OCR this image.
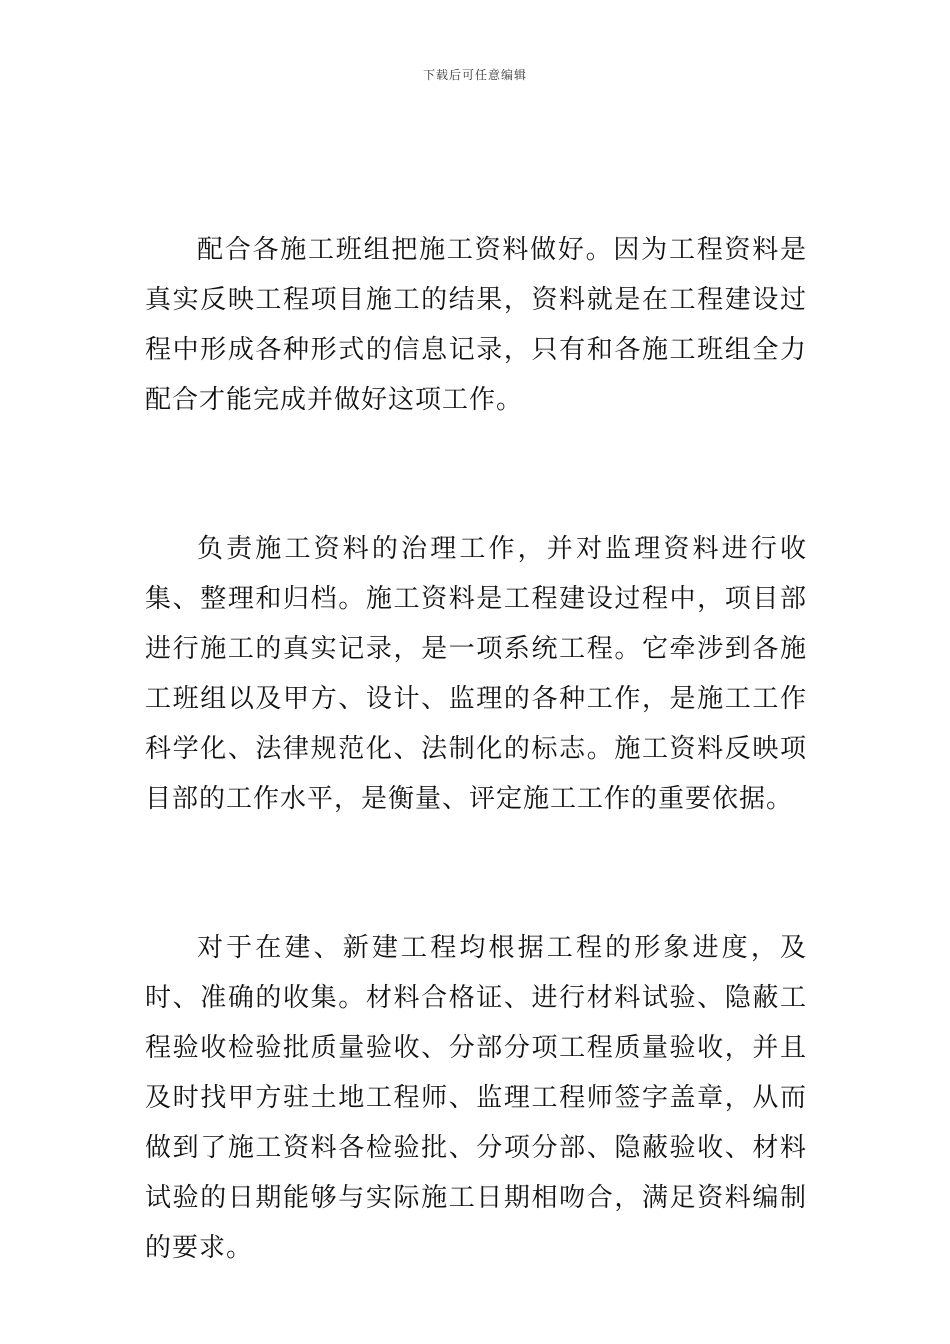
下载后可任意编辑

配合各施工班组把施工资料做好。因为工程资料是真实反映工程项目施工的结果，资料就是在工程建设过程中形成各种形式的信息记录，只有和各施工班组全力配合才能完成并做好这项工作。

负责施工资料的治理工作，并对监理资料进行收集、整理和归档。施工资料是工程建设过程中，项目部进行施工的真实记录，是一项系统工程。它牵涉到各施工班组以及甲方、设计、监理的各种工作，是施工工作科学化、法律规范化、法制化的标志。施工资料反映项目部的工作水平，是衡量、评定施工工作的重要依据。

对于在建、新建工程均根据工程的形象进度，及时、准确的收集。材料合格证、进行材料试验、隐蔽工程验收检验批质量验收、分部分项工程质量验收，并且及时找甲方驻土地工程师、监理工程师签字盖章，从而做到了施工资料各检验批、分项分部、隐蔽验收、材料试验的日期能够与实际施工日期相吻合，满足资料编制的要求。
